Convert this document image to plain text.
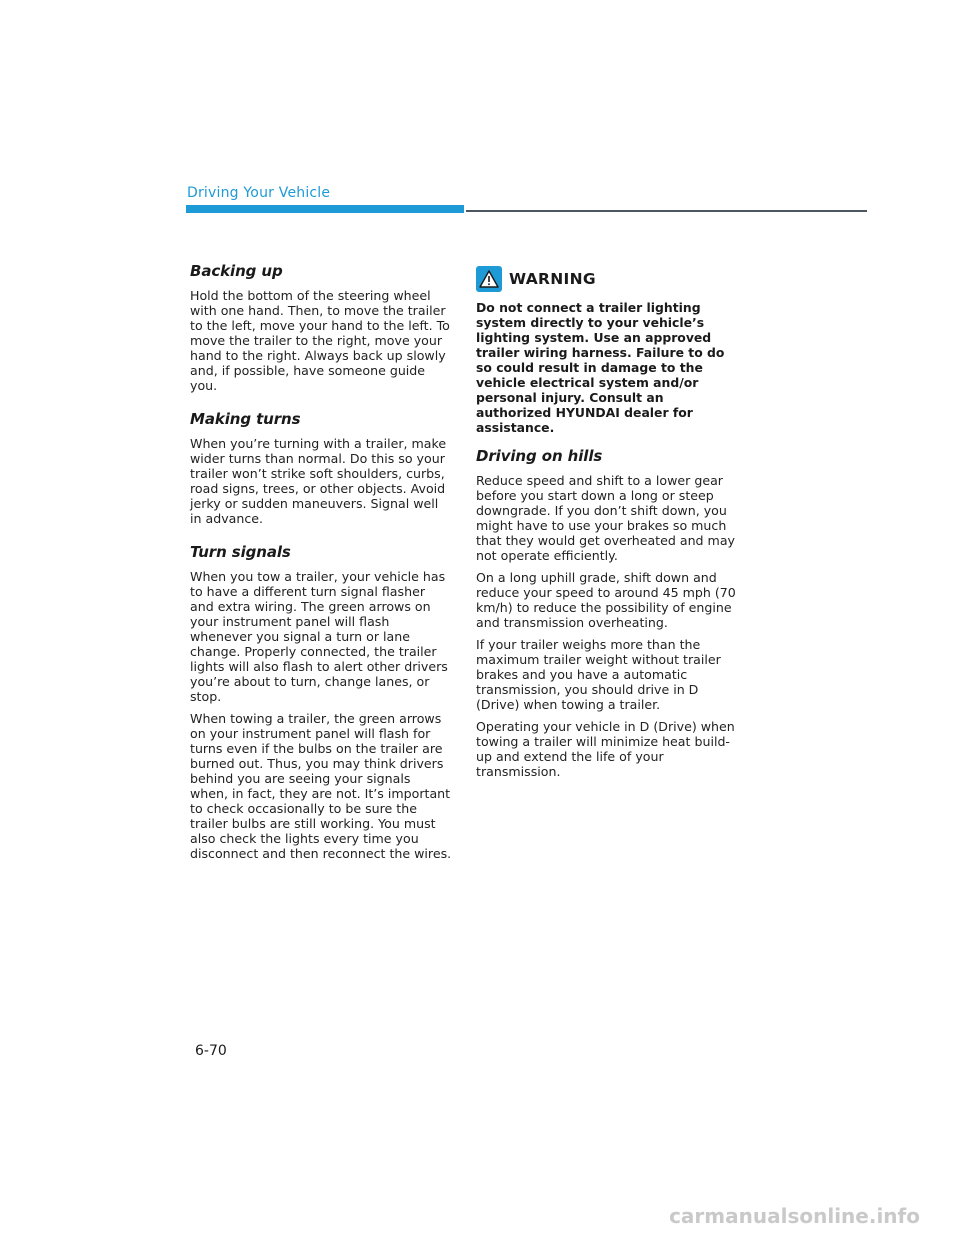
Driving Your Vehicle
Backing up

Hold the bottom of the steering wheel with one hand. Then, to move the trailer to the left, move your hand to the left. To move the trailer to the right, move your hand to the right. Always back up slowly and, if possible, have someone guide you.

Making turns

When you’re turning with a trailer, make wider turns than normal. Do this so your trailer won’t strike soft shoulders, curbs, road signs, trees, or other objects. Avoid jerky or sudden maneuvers. Signal well in advance.

Turn signals

When you tow a trailer, your vehicle has to have a different turn signal flasher and extra wiring. The green arrows on your instrument panel will flash whenever you signal a turn or lane change. Properly connected, the trailer lights will also flash to alert other drivers you’re about to turn, change lanes, or stop.

When towing a trailer, the green arrows on your instrument panel will flash for turns even if the bulbs on the trailer are burned out. Thus, you may think drivers behind you are seeing your signals when, in fact, they are not. It’s important to check occasionally to be sure the trailer bulbs are still working. You must also check the lights every time you disconnect and then reconnect the wires.

WARNING

Do not connect a trailer lighting system directly to your vehicle’s lighting system. Use an approved trailer wiring harness. Failure to do so could result in damage to the vehicle electrical system and/or personal injury. Consult an authorized HYUNDAI dealer for assistance.

Driving on hills

Reduce speed and shift to a lower gear before you start down a long or steep downgrade. If you don’t shift down, you might have to use your brakes so much that they would get overheated and may not operate efficiently.

On a long uphill grade, shift down and reduce your speed to around 45 mph (70 km/h) to reduce the possibility of engine and transmission overheating.

If your trailer weighs more than the maximum trailer weight without trailer brakes and you have a automatic transmission, you should drive in D (Drive) when towing a trailer.

Operating your vehicle in D (Drive) when towing a trailer will minimize heat build-up and extend the life of your transmission.

6-70
carmanualsonline.info
